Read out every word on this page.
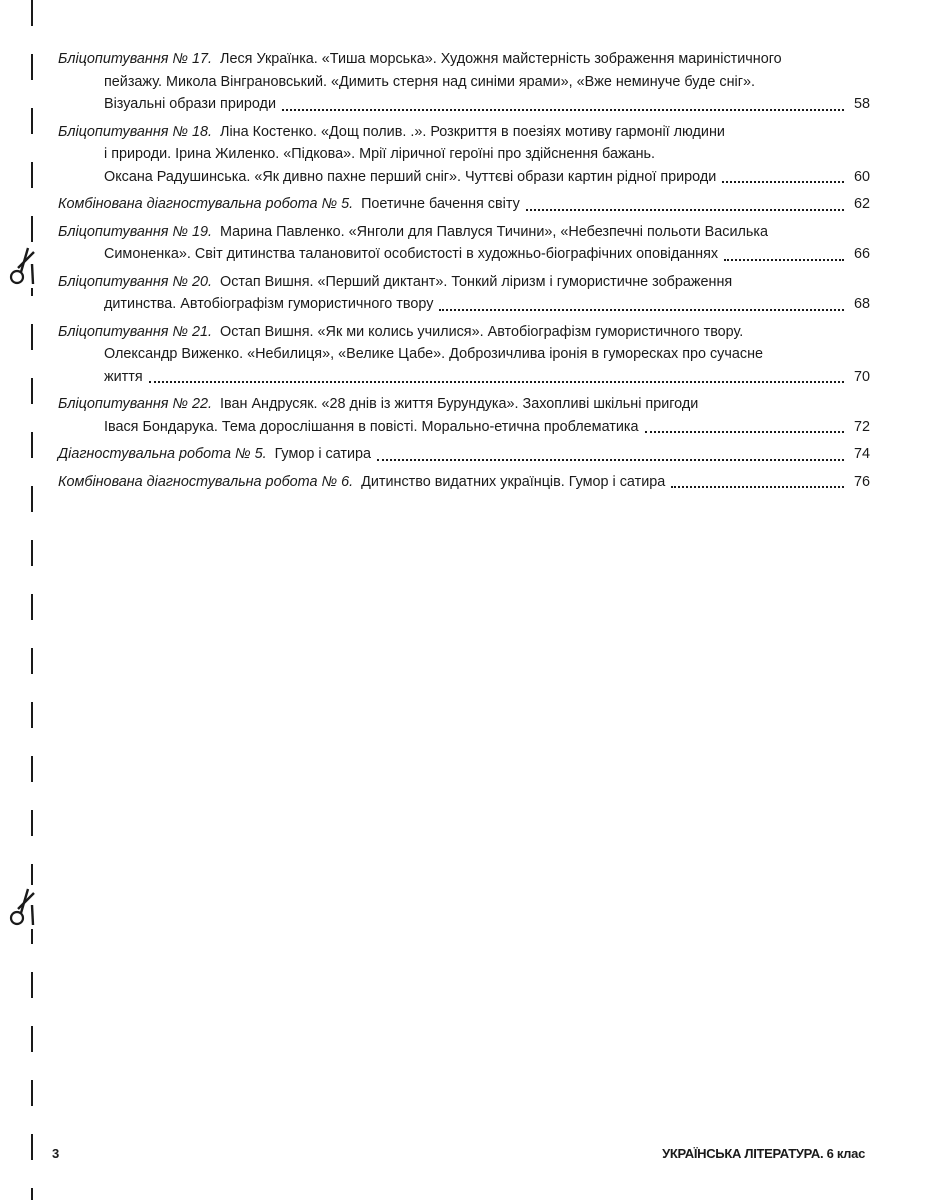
Бліцопитування № 17. Леся Українка. «Тиша морська». Художня майстерність зображення мариністичного
пейзажу. Микола Вінграновський. «Димить стерня над синіми ярами», «Вже неминуче буде сніг».
Візуальні образи природи	58
Бліцопитування № 18. Ліна Костенко. «Дощ полив. .». Розкриття в поезіях мотиву гармонії людини
і природи. Ірина Жиленко. «Підкова». Мрії ліричної героїні про здійснення бажань.
Оксана Радушинська. «Як дивно пахне перший сніг». Чуттєві образи картин рідної природи	60
Комбінована діагностувальна робота № 5. Поетичне бачення світу	62
Бліцопитування № 19. Марина Павленко. «Янголи для Павлуся Тичини», «Небезпечні польоти Василька
Симоненка». Світ дитинства талановитої особистості в художньо-біографічних оповіданнях	66
Бліцопитування № 20. Остап Вишня. «Перший диктант». Тонкий ліризм і гумористичне зображення
дитинства. Автобіографізм гумористичного твору	68
Бліцопитування № 21. Остап Вишня. «Як ми колись училися». Автобіографізм гумористичного твору.
Олександр Виженко. «Небилиця», «Велике Цабе». Доброзичлива іронія в гуморесках про сучасне
життя	70
Бліцопитування № 22. Іван Андрусяк. «28 днів із життя Бурундука». Захопливі шкільні пригоди
Івася Бондарука. Тема дорослішання в повісті. Морально-етична проблематика	72
Діагностувальна робота № 5. Гумор і сатира	74
Комбінована діагностувальна робота № 6. Дитинство видатних українців. Гумор і сатира	76
3	УКРАЇНСЬКА ЛІТЕРАТУРА. 6 клас
